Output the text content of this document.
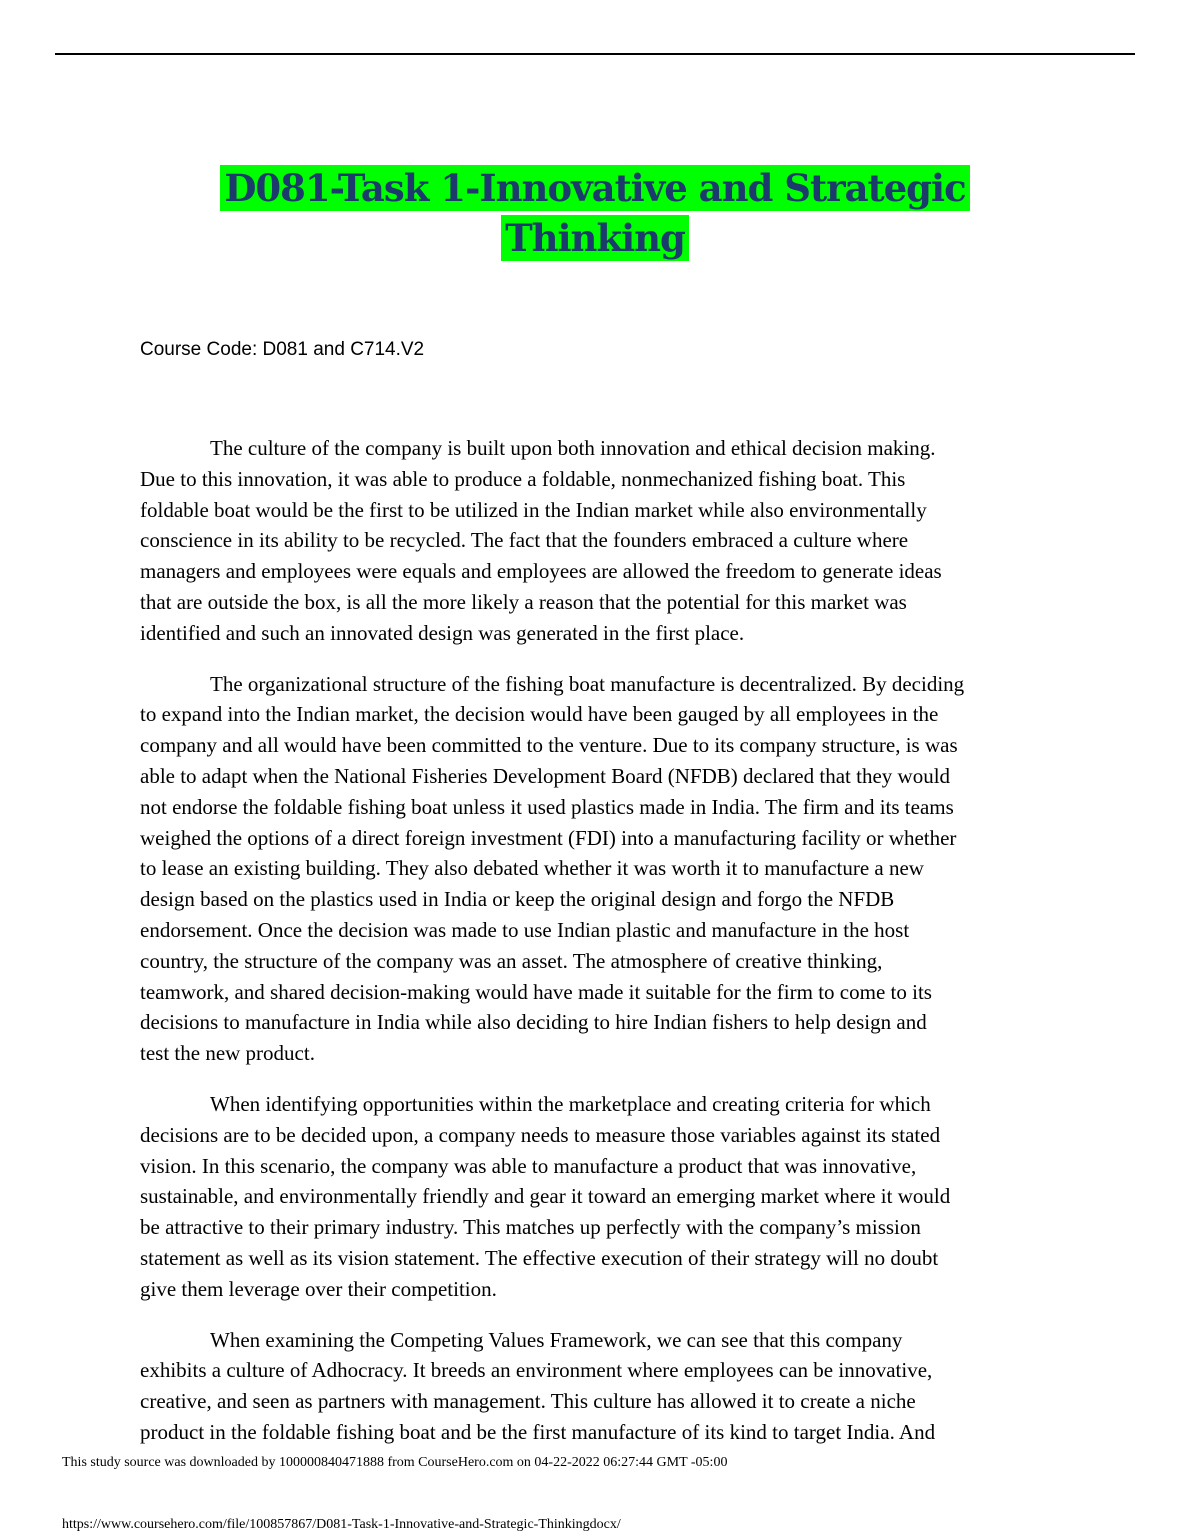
D081-Task 1-Innovative and Strategic
Thinking
Course Code: D081 and C714.V2

The culture of the company is built upon both innovation and ethical decision making.
Due to this innovation, it was able to produce a foldable, nonmechanized fishing boat. This
foldable boat would be the first to be utilized in the Indian market while also environmentally
conscience in its ability to be recycled. The fact that the founders embraced a culture where
managers and employees were equals and employees are allowed the freedom to generate ideas
that are outside the box, is all the more likely a reason that the potential for this market was
identified and such an innovated design was generated in the first place.

The organizational structure of the fishing boat manufacture is decentralized. By deciding
to expand into the Indian market, the decision would have been gauged by all employees in the
company and all would have been committed to the venture. Due to its company structure, is was
able to adapt when the National Fisheries Development Board (NFDB) declared that they would
not endorse the foldable fishing boat unless it used plastics made in India. The firm and its teams
weighed the options of a direct foreign investment (FDI) into a manufacturing facility or whether
to lease an existing building. They also debated whether it was worth it to manufacture a new
design based on the plastics used in India or keep the original design and forgo the NFDB
endorsement. Once the decision was made to use Indian plastic and manufacture in the host
country, the structure of the company was an asset. The atmosphere of creative thinking,
teamwork, and shared decision-making would have made it suitable for the firm to come to its
decisions to manufacture in India while also deciding to hire Indian fishers to help design and
test the new product.

When identifying opportunities within the marketplace and creating criteria for which
decisions are to be decided upon, a company needs to measure those variables against its stated
vision. In this scenario, the company was able to manufacture a product that was innovative,
sustainable, and environmentally friendly and gear it toward an emerging market where it would
be attractive to their primary industry. This matches up perfectly with the company’s mission
statement as well as its vision statement. The effective execution of their strategy will no doubt
give them leverage over their competition.

When examining the Competing Values Framework, we can see that this company
exhibits a culture of Adhocracy. It breeds an environment where employees can be innovative,
creative, and seen as partners with management. This culture has allowed it to create a niche
product in the foldable fishing boat and be the first manufacture of its kind to target India. And

This study source was downloaded by 100000840471888 from CourseHero.com on 04-22-2022 06:27:44 GMT -05:00
https://www.coursehero.com/file/100857867/D081-Task-1-Innovative-and-Strategic-Thinkingdocx/
